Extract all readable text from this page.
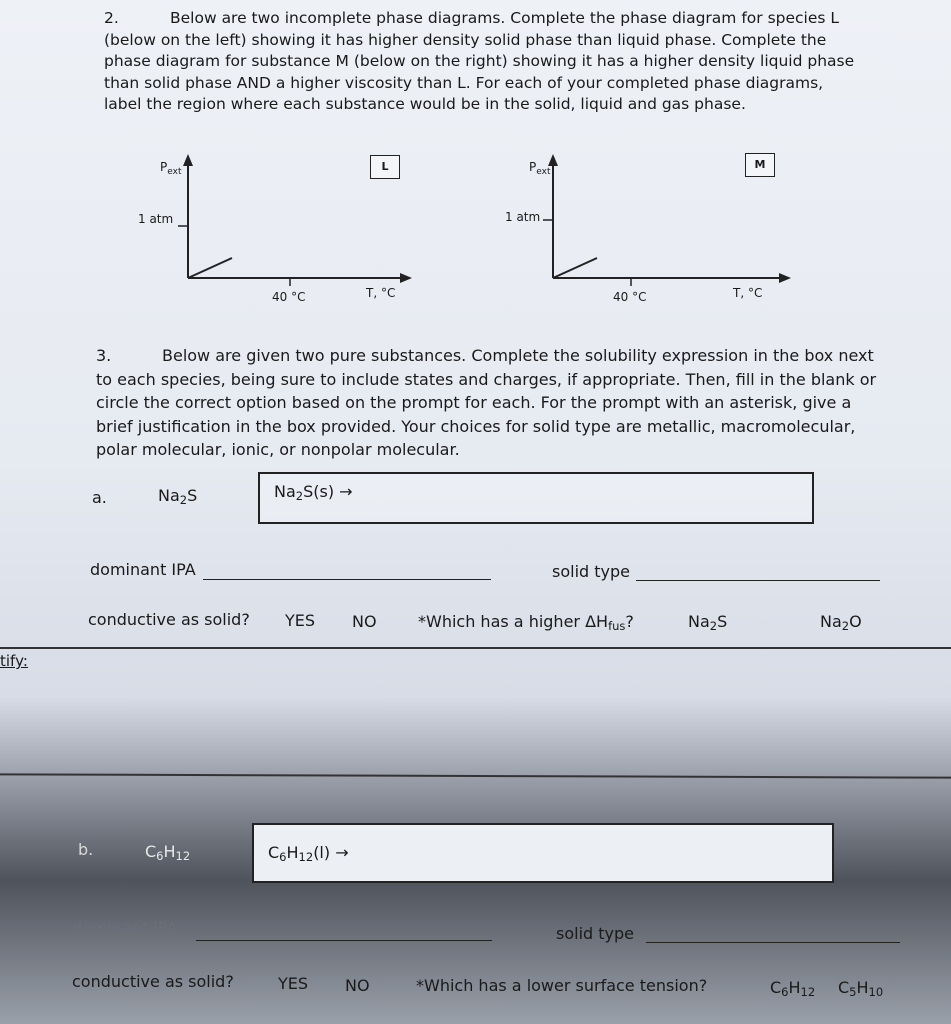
2.	Below are two incomplete phase diagrams. Complete the phase diagram for species L (below on the left) showing it has higher density solid phase than liquid phase. Complete the phase diagram for substance M (below on the right) showing it has a higher density liquid phase than solid phase AND a higher viscosity than L. For each of your completed phase diagrams, label the region where each substance would be in the solid, liquid and gas phase.

$P_{ext}$	L
1 atm
40 °C	T, °C
$P_{ext}$
M
1 atm
40 °C	T, °C
3.	Below are given two pure substances. Complete the solubility expression in the box next to each species, being sure to include states and charges, if appropriate. Then, fill in the blank or circle the correct option based on the prompt for each. For the prompt with an asterisk, give a brief justification in the box provided. Your choices for solid type are metallic, macromolecular, polar molecular, ionic, or nonpolar molecular.

a.	$Na_2S$	$Na_2S(s)$ →
dominant IPA	solid type
conductive as solid? YES NO	*Which has a higher $\Delta H_{fus}$?	$Na_2S$	$Na_2O$
tify:
b.	$C_6H_{12}$	$C_6H_{12}(l)$ →
dominant IPA	solid type
conductive as solid?	YES NO	*Which has a lower surface tension?	$C_6H_{12}$ $C_5H_{10}$
